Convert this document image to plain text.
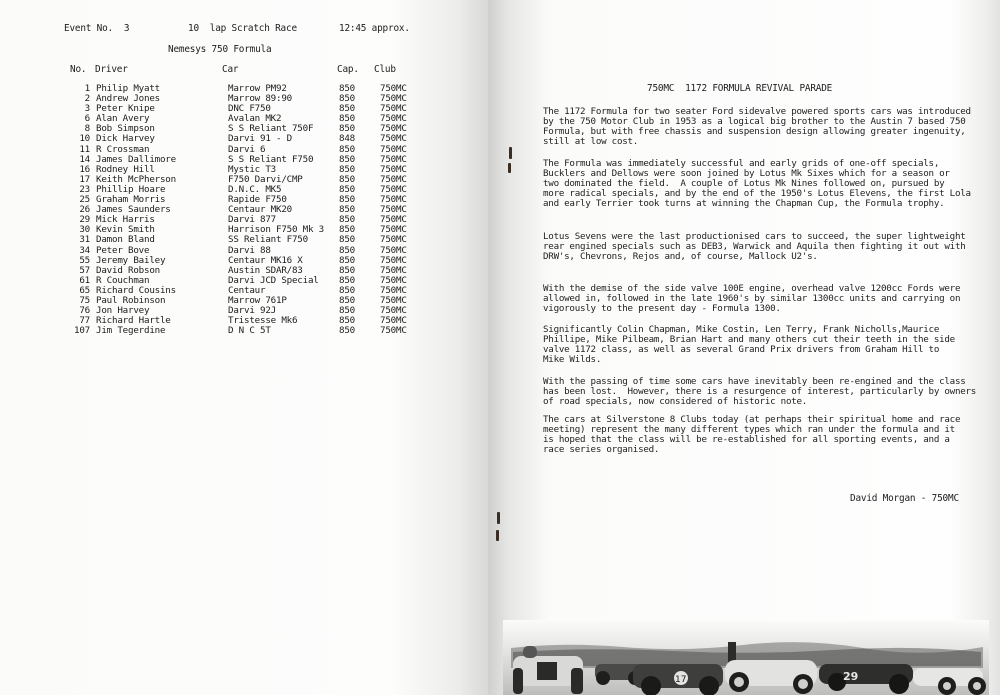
Event No.  3	10  lap Scratch Race	12:45 approx.
Nemesys 750 Formula
No. Driver	Car	Cap. Club
1 Philip Myatt	Marrow PM92	850	750MC
2 Andrew Jones	Marrow 89:90	850	750MC
3 Peter Knipe	DNC F750	850	750MC
6 Alan Avery	Avalan MK2	850	750MC
8 Bob Simpson	S S Reliant 750F	850	750MC
10 Dick Harvey	Darvi 91 - D	848	750MC
11 R Crossman	Darvi 6	850	750MC
14 James Dallimore	S S Reliant F750	850	750MC
16 Rodney Hill	Mystic T3	850	750MC
17 Keith McPherson	F750 Darvi/CMP	850	750MC
23 Phillip Hoare	D.N.C. MK5	850	750MC
25 Graham Morris	Rapide F750	850	750MC
26 James Saunders	Centaur MK20	850	750MC
29 Mick Harris	Darvi 877	850	750MC
30 Kevin Smith	Harrison F750 Mk 3 850	750MC
31 Damon Bland	SS Reliant F750	850	750MC
34 Peter Bove	Darvi 88	850	750MC
55 Jeremy Bailey	Centaur MK16 X	850	750MC
57 David Robson	Austin SDAR/83	850	750MC
61 R Couchman	Darvi JCD Special 850	750MC
65 Richard Cousins	Centaur	850	750MC
75 Paul Robinson	Marrow 761P	850	750MC
76 Jon Harvey	Darvi 92J	850	750MC
77 Richard Hartle	Tristesse Mk6	850	750MC
107 Jim Tegerdine	D N C 5T	850	750MC
750MC  1172 FORMULA REVIVAL PARADE
The 1172 Formula for two seater Ford sidevalve powered sports cars was introduced
by the 750 Motor Club in 1953 as a logical big brother to the Austin 7 based 750
Formula, but with free chassis and suspension design allowing greater ingenuity,
still at low cost.
The Formula was immediately successful and early grids of one-off specials,
Bucklers and Dellows were soon joined by Lotus Mk Sixes which for a season or
two dominated the field.  A couple of Lotus Mk Nines followed on, pursued by
more radical specials, and by the end of the 1950's Lotus Elevens, the first Lola
and early Terrier took turns at winning the Chapman Cup, the Formula trophy.
Lotus Sevens were the last productionised cars to succeed, the super lightweight
rear engined specials such as DEB3, Warwick and Aquila then fighting it out with
DRW's, Chevrons, Rejos and, of course, Mallock U2's.
With the demise of the side valve 100E engine, overhead valve 1200cc Fords were
allowed in, followed in the late 1960's by similar 1300cc units and carrying on
vigorously to the present day - Formula 1300.
Significantly Colin Chapman, Mike Costin, Len Terry, Frank Nicholls,Maurice
Phillipe, Mike Pilbeam, Brian Hart and many others cut their teeth in the side
valve 1172 class, as well as several Grand Prix drivers from Graham Hill to
Mike Wilds.
With the passing of time some cars have inevitably been re-engined and the class
has been lost.  However, there is a resurgence of interest, particularly by owners
of road specials, now considered of historic note.
The cars at Silverstone 8 Clubs today (at perhaps their spiritual home and race
meeting) represent the many different types which ran under the formula and it
is hoped that the class will be re-established for all sporting events, and a
race series organised.
David Morgan - 750MC
17	29
